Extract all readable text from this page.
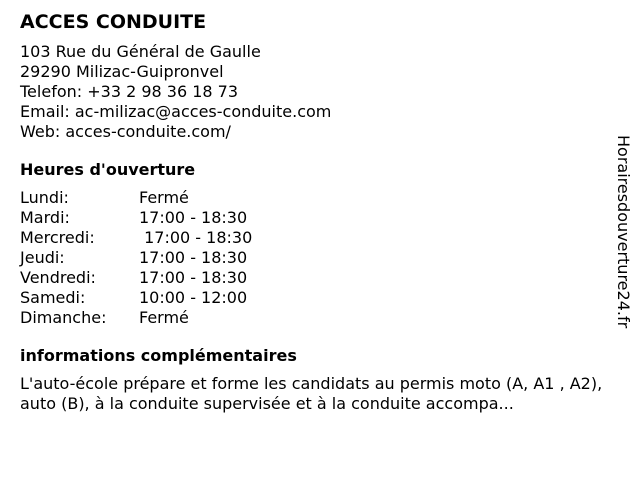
ACCES CONDUITE
103 Rue du Général de Gaulle
29290 Milizac-Guipronvel
Telefon: +33 2 98 36 18 73
Email: ac-milizac@acces-conduite.com
Web: acces-conduite.com/
Heures d'ouverture
Lundi:	Fermé
Mardi:	17:00 - 18:30
Mercredi:	17:00 - 18:30
Jeudi:	17:00 - 18:30
Vendredi:	17:00 - 18:30
Samedi:	10:00 - 12:00
Dimanche:	Fermé
informations complémentaires
L'auto-école prépare et forme les candidats au permis moto (A, A1 , A2), auto (B), à la conduite supervisée et à la conduite accompa...
Horairesdouverture24.fr
